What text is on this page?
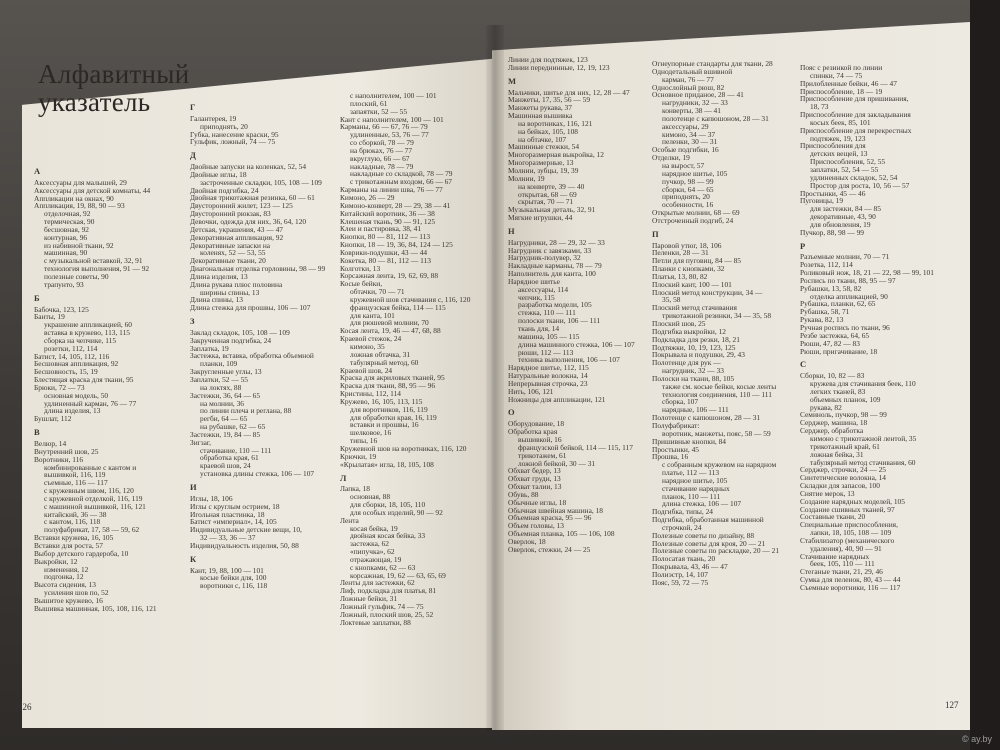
Алфавитный
указатель
А
Аксессуары для малышей, 29
Аксессуары для детской комнаты, 44
Аппликации на окнах, 90
Аппликация, 19, 88, 90 — 93
отделочная, 92
термическая, 90
бесшовная, 92
контурная, 96
из набивной ткани, 92
машинная, 90
с музыкальной вставкой, 32, 91
технология выполнения, 91 — 92
полезные советы, 90
трапунто, 93
Б
Бабочка, 123, 125
Банты, 19
украшение аппликацией, 60
вставка в кружево, 113, 115
сборка на чепчике, 115
розетки, 112, 114
Батист, 14, 105, 112, 116
Бесшовная аппликация, 92
Бесшовность, 15, 19
Блестящая краска для ткани, 95
Брюки, 72 — 73
основная модель, 50
удлиненный карман, 76 — 77
длина изделия, 13
Бушлат, 112
В
Велюр, 14
Внутренний шов, 25
Воротники, 116
комбинированные с кантом и
вышивкой, 116, 119
съемные, 116 — 117
с кружевным швом, 116, 120
с кружевной отделкой, 116, 119
с машинной вышивкой, 116, 121
китайский, 36 — 38
с кантом, 116, 118
полуфабрикат, 17, 58 — 59, 62
Вставки кружева, 16, 105
Вставки для роста, 57
Выбор детского гардероба, 10
Выкройки, 12
изменения, 12
подгонка, 12
Высота сидения, 13
усиления шов по, 52
Вышитое кружево, 16
Вышивка машинная, 105, 108, 116, 121
Г
Галантерея, 19
приподнять, 20
Губка, нанесение краски, 95
Гульфик, ложный, 74 — 75
Д
Двойные запуски на коленках, 52, 54
Двойные иглы, 18
застроченные складки, 105, 108 — 109
Двойная подгибка, 24
Двойная трикотажная резинка, 60 — 61
Двусторонний жилет, 123 — 125
Двусторонний рюкзак, 83
Девочки, одежда для них, 36, 64, 120
Детская, украшения, 43 — 47
Декоративная аппликация, 92
Декоративные запаски на
коленях, 52 — 53, 55
Декоративные ткани, 20
Диагональная отделка горловины, 98 — 99
Длина изделия, 13
Длина рукава плюс половина
ширины спины, 13
Длина спины, 13
Длина стежка для прошвы, 106 — 107
З
Заклад складок, 105, 108 — 109
Закрученная подгибка, 24
Заплатка, 19
Застежка, вставка, обработка объемной
планки, 109
Закругленные углы, 13
Заплатки, 52 — 55
на локтях, 88
Застежки, 36, 64 — 65
на молнии, 36
по линии плеча и реглана, 88
регби, 64 — 65
на рубашке, 62 — 65
Застежки, 19, 84 — 85
Зигзаг,
стачивание, 110 — 111
обработка края, 61
краевой шов, 24
установка длины стежка, 106 — 107
И
Иглы, 18, 106
Иглы с круглым острием, 18
Игольная пластинка, 18
Батист «империал», 14, 105
Индивидуальные детские вещи, 10,
32 — 33, 36 — 37
Индивидуальность изделия, 50, 88
К
Кант, 19, 88, 100 — 101
косые бейки для, 100
воротники с, 116, 118
с наполнителем, 100 — 101
плоский, 61
запаятки, 52 — 55
Кант с наполнителем, 100 — 101
Карманы, 66 — 67, 76 — 79
удлиненные, 53, 76 — 77
со сборкой, 78 — 79
на брюках, 76 — 77
вкруглую, 66 — 67
накладные, 78 — 79
накладные со складкой, 78 — 79
с трикотажным входом, 66 — 67
Карманы на линии шва, 76 — 77
Кимоно, 26 — 29
Кимоно-конверт, 28 — 29, 38 — 41
Китайский воротник, 36 — 38
Клешеная ткань, 90 — 91, 125
Клеи и пастировка, 38, 41
Кнопки, 80 — 81, 112 — 113
Кнопки, 18 — 19, 36, 84, 124 — 125
Коврики-подушки, 43 — 44
Кокетка, 80 — 81, 112 — 113
Колготки, 13
Корсажная лента, 19, 62, 69, 88
Косые бейки,
обтачки, 70 — 71
кружевной шов стачивания с, 116, 120
французская бейка, 114 — 115
для канта, 101
для рюшевой молнии, 70
Косая лента, 19, 46 — 47, 68, 88
Краевой стежок, 24
кимоно, 35
ложная обтачка, 31
табулярный метод, 60
Краевой шов, 24
Краска для акриловых тканей, 95
Краска для ткани, 88, 95 — 96
Кристины, 112, 114
Кружево, 16, 105, 113, 115
для воротников, 116, 119
для обработки края, 16, 119
вставки и прошвы, 16
шелковое, 16
типы, 16
Кружевной шов на воротниках, 116, 120
Крючки, 19
«Крылатая» игла, 18, 105, 108
Л
Лапка, 18
основная, 88
для сборки, 18, 105, 110
для особых изделий, 90 — 92
Лента
косая бейка, 19
двойная косая бейка, 33
застежка, 62
«пипучка», 62
отражающая, 19
с кнопками, 62 — 63
корсажная, 19, 62 — 63, 65, 69
Ленты для застежки, 62
Лиф, подкладка для платья, 81
Ложные бейки, 31
Ложный гульфик, 74 — 75
Ложный, плоский шов, 25, 52
Локтевые заплатки, 88
Линии для подтяжек, 123
Линии переднинные, 12, 19, 123
М
Мальчики, шитье для них, 12, 28 — 47
Манжеты, 17, 35, 56 — 59
Манжеты рукава, 37
Машинная вышивка
на воротниках, 116, 121
на бейках, 105, 108
на обтачке, 107
Машинные стежки, 54
Многоразмерная выкройка, 12
Многоразмерные, 13
Молнии, зубцы, 19, 39
Молнии, 19
на конверте, 39 — 40
открытая, 68 — 69
скрытая, 70 — 71
Музыкальная деталь, 32, 91
Мягкие игрушки, 44
Н
Нагрудники, 28 — 29, 32 — 33
Нагрудник с завязками, 33
Нагрудник-полувер, 32
Накладные карманы, 78 — 79
Наполнитель для канта, 100
Нарядное шитье
аксессуары, 114
чепчик, 115
разработка модели, 105
стежка, 110 — 111
полоски ткани, 106 — 111
ткань для, 14
машина, 105 — 115
длина машинного стежка, 106 — 107
рюши, 112 — 113
техника выполнения, 106 — 107
Нарядное шитье, 112, 115
Натуральные волокна, 14
Непрерывная строчка, 23
Нить, 106, 121
Ножницы для аппликации, 121
О
Оборудование, 18
Обработка края
вышивкой, 16
французской бейкой, 114 — 115, 117
трикотажем, 61
ложной бейкой, 30 — 31
Обхват бедер, 13
Обхват груди, 13
Обхват талии, 13
Обувь, 88
Обычные иглы, 18
Обычная швейная машина, 18
Объемная краска, 95 — 96
Объем головы, 13
Объемная планка, 105 — 106, 108
Оверлок, 18
Оверлок, стежки, 24 — 25
Огнеупорные стандарты для ткани, 28
Однодетальный вшивной
карман, 76 — 77
Однослойный рюш, 82
Основное приданое, 28 — 41
нагрудники, 32 — 33
конверты, 38 — 41
полотенце с капюшоном, 28 — 31
аксессуары, 29
кимоно, 34 — 37
пеленки, 30 — 31
Особые подгибки, 16
Отделки, 19
на вырост, 57
нарядное шитье, 105
пучкор, 98 — 99
сборки, 64 — 65
приподнять, 20
особенности, 16
Открытые молнии, 68 — 69
Отстроченный подгиб, 24
П
Паровой утюг, 18, 106
Пеленки, 28 — 31
Петли для пуговиц, 84 — 85
Планки с кнопками, 32
Платья, 13, 80, 82
Плоский кант, 100 — 101
Плоский метод конструкции, 34 —
35, 58
Плоский метод стачивания
трикотажной резинки, 34 — 35, 58
Плоский шов, 25
Подгибка выкройки, 12
Подкладка для резки, 18, 21
Подтяжки, 10, 19, 123, 125
Покрывала и подушки, 29, 43
Полотенце для рук —
нагрудник, 32 — 33
Полоски на ткани, 88, 105
также см. косые бейки, косые ленты
технология соединения, 110 — 111
сборка, 107
нарядные, 106 — 111
Полотенце с капюшоном, 28 — 31
Полуфабрикат:
воротник, манжеты, пояс, 58 — 59
Пришивные кнопки, 84
Простынки, 45
Прошва, 16
с собранным кружевом на нарядном
платье, 112 — 113
нарядное шитье, 105
стачивание нарядных
планок, 110 — 111
длина стежка, 106 — 107
Подгибка, типы, 24
Подгибка, обработанная машинной
строчкой, 24
Полезные советы по дизайну, 88
Полезные советы для кроя, 20 — 21
Полезные советы по раскладке, 20 — 21
Полосатая ткань, 20
Покрывала, 43, 46 — 47
Полиэстр, 14, 107
Пояс, 59, 72 — 75
Пояс с резинкой по линии
спинки, 74 — 75
Прилобленные бейки, 46 — 47
Приспособление, 18 — 19
Приспособление для пришивания,
18, 73
Приспособление для закладывания
косых беек, 85, 101
Приспособление для перекрестных
подтяжек, 19, 123
Приспособления для
детских вещей, 13
Приспособления, 52, 55
заплатки, 52, 54 — 55
удлиненных складок, 52, 54
Простор для роста, 10, 56 — 57
Простынки, 45 — 46
Пуговицы, 19
для застежки, 84 — 85
декоративные, 43, 90
для обновления, 19
Пучкор, 88, 98 — 99
Р
Разъемные молнии, 70 — 71
Розетка, 112, 114
Роликовый нож, 18, 21 — 22, 98 — 99, 101
Роспись по ткани, 88, 95 — 97
Рубашки, 13, 58, 82
отделка аппликацией, 90
Рубашка, планки, 62, 65
Рубашка, 58, 71
Рукава, 82, 13
Ручная роспись по ткани, 96
Резбе застежка, 64, 65
Рюши, 47, 82 — 83
Рюши, пригачивание, 18
С
Сборки, 10, 82 — 83
кружева для стачивания беек, 110
легких тканей, 83
объемных планок, 109
рукава, 82
Семиноль, пучкор, 98 — 99
Серджер, машина, 18
Серджер, обработка
кимоно с трикотажной лентой, 35
трикотажный край, 61
ложная бейка, 31
табулярный метод стачивания, 60
Серджер, строчки, 24 — 25
Синтетические волокна, 14
Складки для запасов, 100
Снятие мерок, 13
Создание нарядных моделей, 105
Создание сшивных тканей, 97
Составные ткани, 20
Специальные приспособления,
лапки, 18, 105, 108 — 109
Стабилизатор (механического
удаления), 40, 90 — 91
Стачивание нарядных
беек, 105, 110 — 111
Стеганые ткани, 21, 29, 46
Сумка для пеленок, 80, 43 — 44
Съемные воротники, 116 — 117
126	127
© ay.by
